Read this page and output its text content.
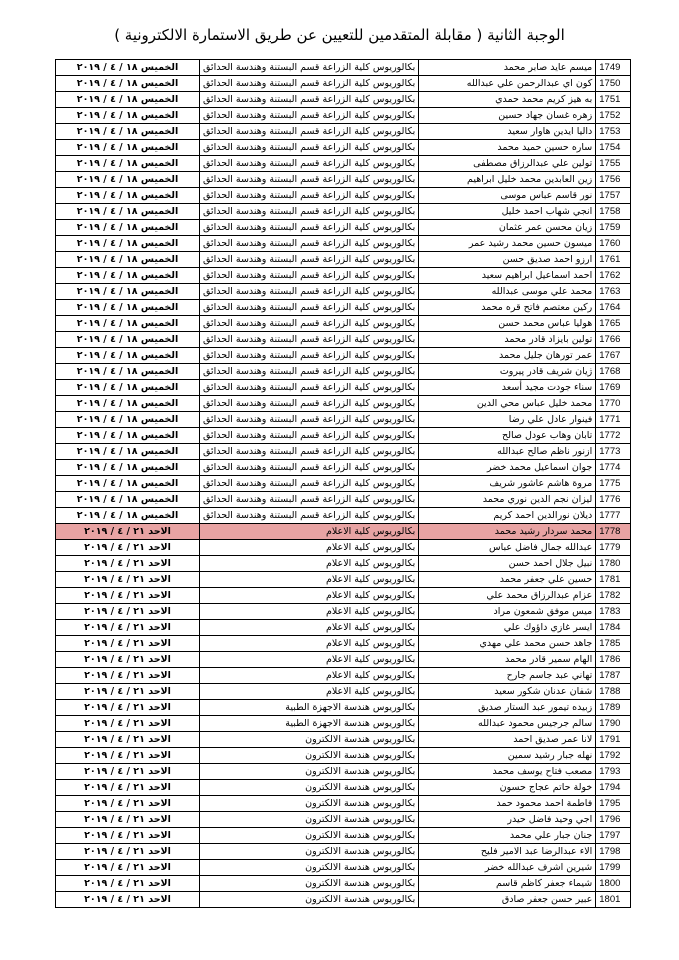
الوجبة الثانية ( مقابلة المتقدمين للتعيين عن طريق الاستمارة الالكترونية )
1749	ميسم عايد صابر محمد	بكالوريوس كلية الزراعة قسم البستنة وهندسة الحدائق	الخميس ١٨ / ٤ / ٢٠١٩
1750	كون اي عبدالرحمن علي عبدالله	بكالوريوس كلية الزراعة قسم البستنة وهندسة الحدائق	الخميس ١٨ / ٤ / ٢٠١٩
1751	به هيز كريم محمد حمدي	بكالوريوس كلية الزراعة قسم البستنة وهندسة الحدائق	الخميس ١٨ / ٤ / ٢٠١٩
1752	زهره غسان جهاد حسين	بكالوريوس كلية الزراعة قسم البستنة وهندسة الحدائق	الخميس ١٨ / ٤ / ٢٠١٩
1753	داليا ايدين هاوار سعيد	بكالوريوس كلية الزراعة قسم البستنة وهندسة الحدائق	الخميس ١٨ / ٤ / ٢٠١٩
1754	ساره حسين حميد محمد	بكالوريوس كلية الزراعة قسم البستنة وهندسة الحدائق	الخميس ١٨ / ٤ / ٢٠١٩
1755	تولين علي عبدالرزاق مصطفى	بكالوريوس كلية الزراعة قسم البستنة وهندسة الحدائق	الخميس ١٨ / ٤ / ٢٠١٩
1756	زين العابدين محمد خليل ابراهيم	بكالوريوس كلية الزراعة قسم البستنة وهندسة الحدائق	الخميس ١٨ / ٤ / ٢٠١٩
1757	نور قاسم عباس موسى	بكالوريوس كلية الزراعة قسم البستنة وهندسة الحدائق	الخميس ١٨ / ٤ / ٢٠١٩
1758	انجي شهاب احمد خليل	بكالوريوس كلية الزراعة قسم البستنة وهندسة الحدائق	الخميس ١٨ / ٤ / ٢٠١٩
1759	زيان محسن عمر عثمان	بكالوريوس كلية الزراعة قسم البستنة وهندسة الحدائق	الخميس ١٨ / ٤ / ٢٠١٩
1760	ميسون حسين محمد رشيد عمر	بكالوريوس كلية الزراعة قسم البستنة وهندسة الحدائق	الخميس ١٨ / ٤ / ٢٠١٩
1761	ارزو احمد صديق حسن	بكالوريوس كلية الزراعة قسم البستنة وهندسة الحدائق	الخميس ١٨ / ٤ / ٢٠١٩
1762	احمد اسماعيل ابراهيم سعيد	بكالوريوس كلية الزراعة قسم البستنة وهندسة الحدائق	الخميس ١٨ / ٤ / ٢٠١٩
1763	محمد علي موسى عبدالله	بكالوريوس كلية الزراعة قسم البستنة وهندسة الحدائق	الخميس ١٨ / ٤ / ٢٠١٩
1764	ركين معتصم فاتح قره محمد	بكالوريوس كلية الزراعة قسم البستنة وهندسة الحدائق	الخميس ١٨ / ٤ / ٢٠١٩
1765	هوليا عباس محمد حسن	بكالوريوس كلية الزراعة قسم البستنة وهندسة الحدائق	الخميس ١٨ / ٤ / ٢٠١٩
1766	تولين بايزاد قادر محمد	بكالوريوس كلية الزراعة قسم البستنة وهندسة الحدائق	الخميس ١٨ / ٤ / ٢٠١٩
1767	عمر تورهان جليل محمد	بكالوريوس كلية الزراعة قسم البستنة وهندسة الحدائق	الخميس ١٨ / ٤ / ٢٠١٩
1768	ژيان شريف قادر پيروت	بكالوريوس كلية الزراعة قسم البستنة وهندسة الحدائق	الخميس ١٨ / ٤ / ٢٠١٩
1769	سناء جودت مجيد أسعد	بكالوريوس كلية الزراعة قسم البستنة وهندسة الحدائق	الخميس ١٨ / ٤ / ٢٠١٩
1770	محمد خليل عباس محي الدين	بكالوريوس كلية الزراعة قسم البستنة وهندسة الحدائق	الخميس ١٨ / ٤ / ٢٠١٩
1771	فينوار عادل علي رضا	بكالوريوس كلية الزراعة قسم البستنة وهندسة الحدائق	الخميس ١٨ / ٤ / ٢٠١٩
1772	تابان وهاب عودل صالح	بكالوريوس كلية الزراعة قسم البستنة وهندسة الحدائق	الخميس ١٨ / ٤ / ٢٠١٩
1773	ازنور ناظم صالح عبدالله	بكالوريوس كلية الزراعة قسم البستنة وهندسة الحدائق	الخميس ١٨ / ٤ / ٢٠١٩
1774	جوان اسماعيل محمد خضر	بكالوريوس كلية الزراعة قسم البستنة وهندسة الحدائق	الخميس ١٨ / ٤ / ٢٠١٩
1775	مروة هاشم عاشور شريف	بكالوريوس كلية الزراعة قسم البستنة وهندسة الحدائق	الخميس ١٨ / ٤ / ٢٠١٩
1776	ليزان نجم الدين نوري محمد	بكالوريوس كلية الزراعة قسم البستنة وهندسة الحدائق	الخميس ١٨ / ٤ / ٢٠١٩
1777	ديلان نورالدين احمد كريم	بكالوريوس كلية الزراعة قسم البستنة وهندسة الحدائق	الخميس ١٨ / ٤ / ٢٠١٩
1778	محمد سردار رشيد محمد	بكالوريوس كلية الاعلام	الاحد ٢١ / ٤ / ٢٠١٩
1779	عبدالله جمال فاضل عباس	بكالوريوس كلية الاعلام	الاحد ٢١ / ٤ / ٢٠١٩
1780	نبيل جلال احمد حسن	بكالوريوس كلية الاعلام	الاحد ٢١ / ٤ / ٢٠١٩
1781	حسين علي جعفر محمد	بكالوريوس كلية الاعلام	الاحد ٢١ / ٤ / ٢٠١٩
1782	عزام عبدالرزاق محمد علي	بكالوريوس كلية الاعلام	الاحد ٢١ / ٤ / ٢٠١٩
1783	ميس موفق شمعون مراد	بكالوريوس كلية الاعلام	الاحد ٢١ / ٤ / ٢٠١٩
1784	ايسر غازي داؤوك علي	بكالوريوس كلية الاعلام	الاحد ٢١ / ٤ / ٢٠١٩
1785	جاهد حسن محمد علي مهدي	بكالوريوس كلية الاعلام	الاحد ٢١ / ٤ / ٢٠١٩
1786	الهام سمير قادر محمد	بكالوريوس كلية الاعلام	الاحد ٢١ / ٤ / ٢٠١٩
1787	تهاني عبد جاسم جارح	بكالوريوس كلية الاعلام	الاحد ٢١ / ٤ / ٢٠١٩
1788	شفان عدنان شكور سعيد	بكالوريوس كلية الاعلام	الاحد ٢١ / ٤ / ٢٠١٩
1789	زبيده تيمور عبد الستار صديق	بكالوريوس هندسة الاجهزة الطبية	الاحد ٢١ / ٤ / ٢٠١٩
1790	سالم جرجيس محمود عبدالله	بكالوريوس هندسة الاجهزة الطبية	الاحد ٢١ / ٤ / ٢٠١٩
1791	لانا عمر صديق احمد	بكالوريوس هندسة الالكترون	الاحد ٢١ / ٤ / ٢٠١٩
1792	نهله جبار رشيد سمين	بكالوريوس هندسة الالكترون	الاحد ٢١ / ٤ / ٢٠١٩
1793	مصعب فتاح يوسف محمد	بكالوريوس هندسة الالكترون	الاحد ٢١ / ٤ / ٢٠١٩
1794	خولة حاتم عجاج حسون	بكالوريوس هندسة الالكترون	الاحد ٢١ / ٤ / ٢٠١٩
1795	فاطمة احمد محمود حمد	بكالوريوس هندسة الالكترون	الاحد ٢١ / ٤ / ٢٠١٩
1796	اجي وحيد فاضل حيدر	بكالوريوس هندسة الالكترون	الاحد ٢١ / ٤ / ٢٠١٩
1797	جنان جبار علي محمد	بكالوريوس هندسة الالكترون	الاحد ٢١ / ٤ / ٢٠١٩
1798	الاء عبدالرضا عبد الامير فليح	بكالوريوس هندسة الالكترون	الاحد ٢١ / ٤ / ٢٠١٩
1799	شيرين اشرف عبدالله خضر	بكالوريوس هندسة الالكترون	الاحد ٢١ / ٤ / ٢٠١٩
1800	شيماء جعفر كاظم قاسم	بكالوريوس هندسة الالكترون	الاحد ٢١ / ٤ / ٢٠١٩
1801	عبير حسن جعفر صادق	بكالوريوس هندسة الالكترون	الاحد ٢١ / ٤ / ٢٠١٩
